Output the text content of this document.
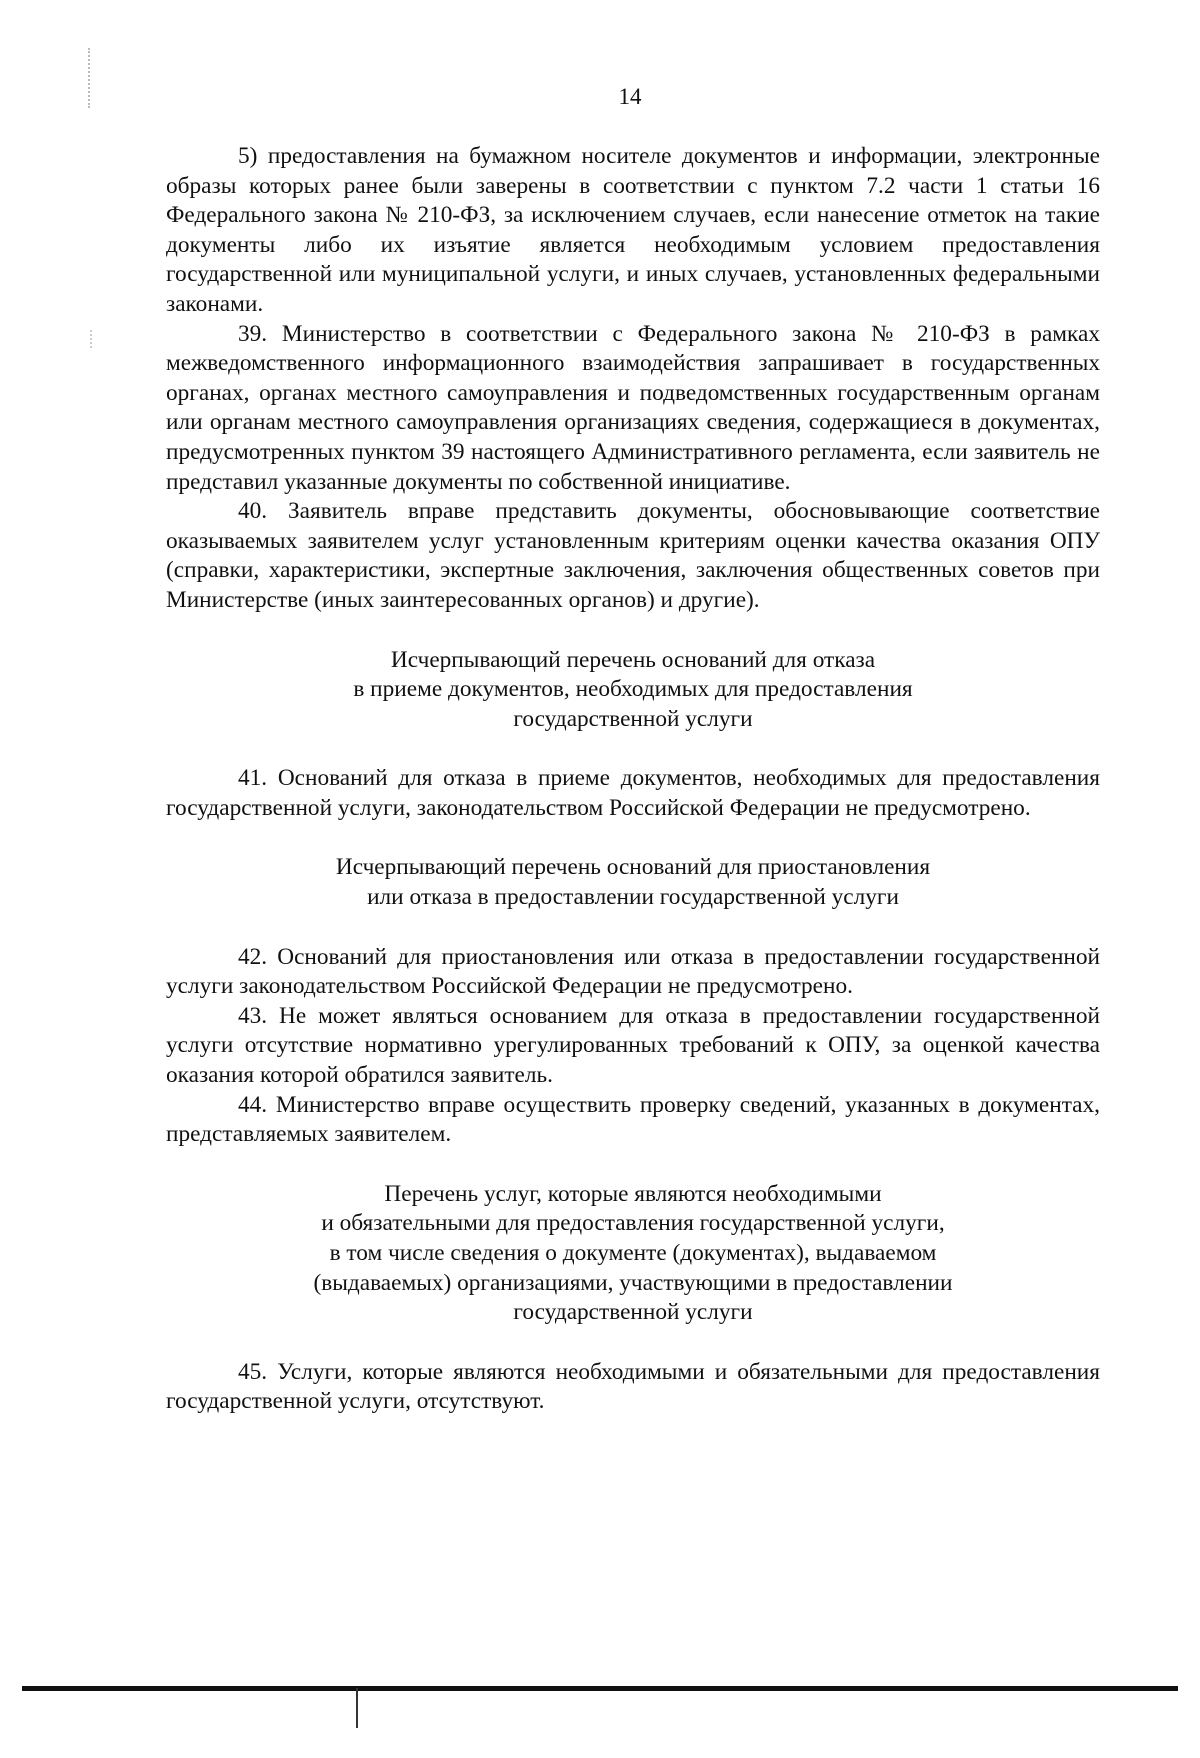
14

5) предоставления на бумажном носителе документов и информации, электронные образы которых ранее были заверены в соответствии с пунктом 7.2 части 1 статьи 16 Федерального закона № 210-ФЗ, за исключением случаев, если нанесение отметок на такие документы либо их изъятие является необходимым условием предоставления государственной или муниципальной услуги, и иных случаев, установленных федеральными законами.

39. Министерство в соответствии с Федерального закона № 210-ФЗ в рамках межведомственного информационного взаимодействия запрашивает в государственных органах, органах местного самоуправления и подведомственных государственным органам или органам местного самоуправления организациях сведения, содержащиеся в документах, предусмотренных пунктом 39 настоящего Административного регламента, если заявитель не представил указанные документы по собственной инициативе.

40. Заявитель вправе представить документы, обосновывающие соответствие оказываемых заявителем услуг установленным критериям оценки качества оказания ОПУ (справки, характеристики, экспертные заключения, заключения общественных советов при Министерстве (иных заинтересованных органов) и другие).

Исчерпывающий перечень оснований для отказа
в приеме документов, необходимых для предоставления
государственной услуги

41. Оснований для отказа в приеме документов, необходимых для предоставления государственной услуги, законодательством Российской Федерации не предусмотрено.

Исчерпывающий перечень оснований для приостановления
или отказа в предоставлении государственной услуги

42. Оснований для приостановления или отказа в предоставлении государственной услуги законодательством Российской Федерации не предусмотрено.

43. Не может являться основанием для отказа в предоставлении государственной услуги отсутствие нормативно урегулированных требований к ОПУ, за оценкой качества оказания которой обратился заявитель.

44. Министерство вправе осуществить проверку сведений, указанных в документах, представляемых заявителем.

Перечень услуг, которые являются необходимыми
и обязательными для предоставления государственной услуги,
в том числе сведения о документе (документах), выдаваемом
(выдаваемых) организациями, участвующими в предоставлении
государственной услуги

45. Услуги, которые являются необходимыми и обязательными для предоставления государственной услуги, отсутствуют.
